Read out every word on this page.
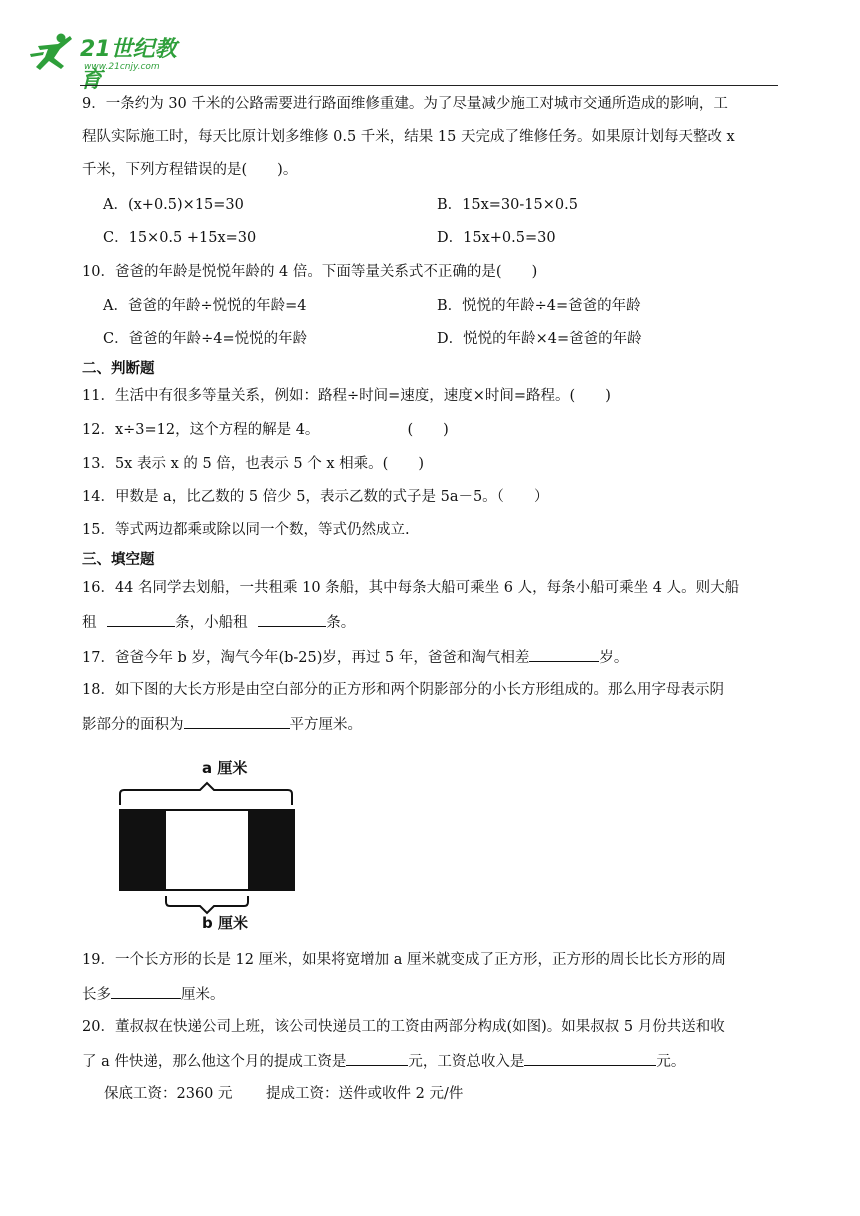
21世纪教育
www.21cnjy.com
9．一条约为 30 千米的公路需要进行路面维修重建。为了尽量减少施工对城市交通所造成的影响，工
程队实际施工时，每天比原计划多维修 0.5 千米，结果 15 天完成了维修任务。如果原计划每天整改 x
千米，下列方程错误的是( )。
A．(x+0.5)×15=30	B．15x=30-15×0.5
C．15×0.5 +15x=30	D．15x+0.5=30
10．爸爸的年龄是悦悦年龄的 4 倍。下面等量关系式不正确的是( )
A．爸爸的年龄÷悦悦的年龄=4	B．悦悦的年龄÷4=爸爸的年龄
C．爸爸的年龄÷4=悦悦的年龄	D．悦悦的年龄×4=爸爸的年龄
二、判断题
11．生活中有很多等量关系，例如：路程÷时间=速度，速度×时间=路程。( )
12．x÷3=12，这个方程的解是 4。	( )
13．5x 表示 x 的 5 倍，也表示 5 个 x 相乘。( )
14．甲数是 a，比乙数的 5 倍少 5，表示乙数的式子是 5a－5。（ ）
15．等式两边都乘或除以同一个数，等式仍然成立.
三、填空题
16．44 名同学去划船，一共租乘 10 条船，其中每条大船可乘坐 6 人，每条小船可乘坐 4 人。则大船
租	条，小船租	条。
17．爸爸今年 b 岁，淘气今年(b-25)岁，再过 5 年，爸爸和淘气相差	岁。
18．如下图的大长方形是由空白部分的正方形和两个阴影部分的小长方形组成的。那么用字母表示阴
影部分的面积为	平方厘米。
a 厘米
b 厘米
19．一个长方形的长是 12 厘米，如果将宽增加 a 厘米就变成了正方形，正方形的周长比长方形的周
长多	厘米。
20．董叔叔在快递公司上班，该公司快递员工的工资由两部分构成(如图)。如果叔叔 5 月份共送和收
了 a 件快递，那么他这个月的提成工资是	元，工资总收入是	元。
保底工资：2360 元 提成工资：送件或收件 2 元/件
